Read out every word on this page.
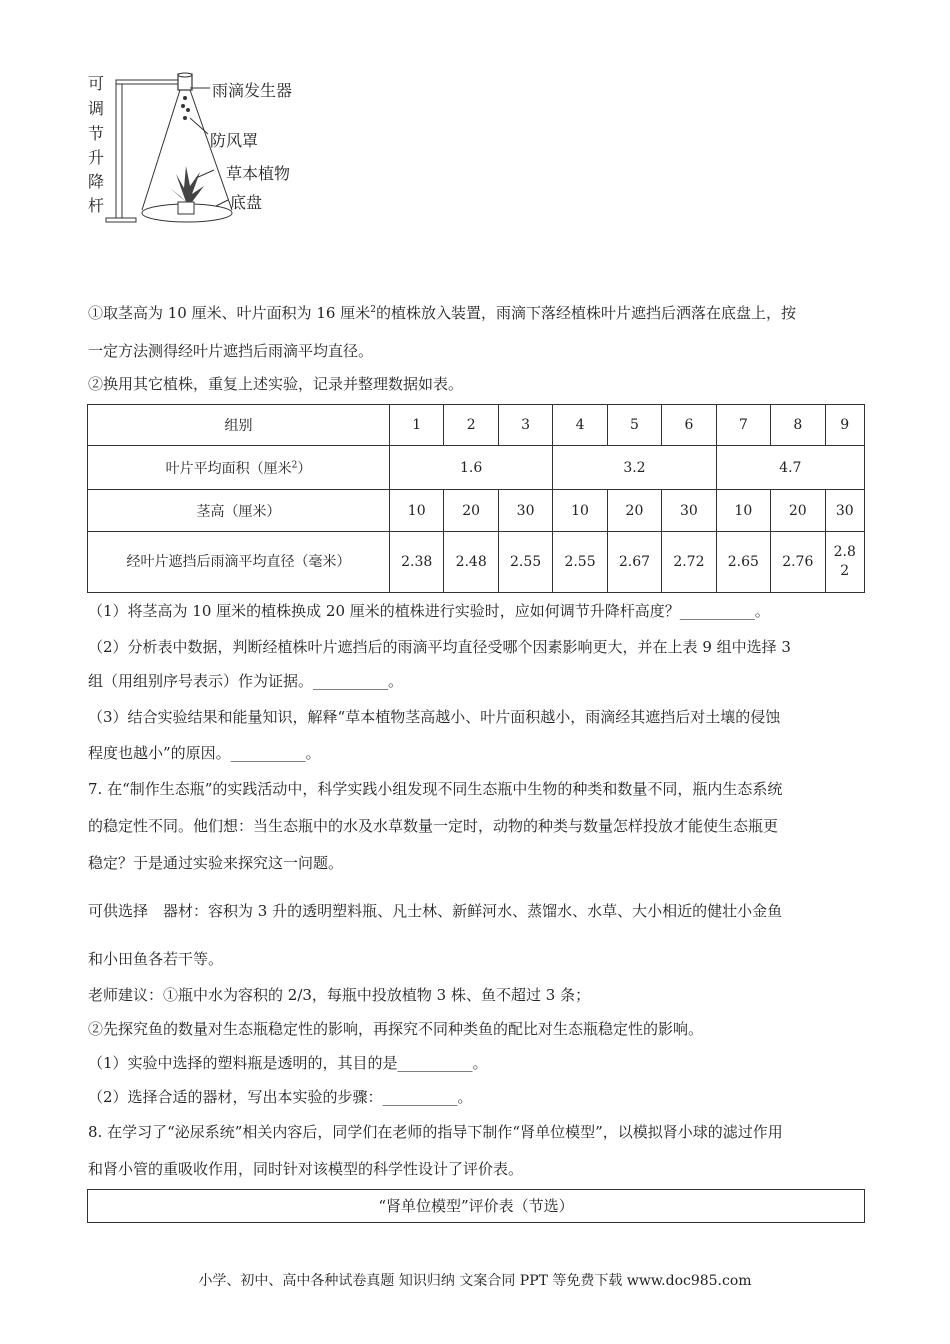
可
调
节
升
降
杆
雨滴发生器
防风罩
草本植物
底盘
①取茎高为 10 厘米、叶片面积为 16 厘米$^2$的植株放入装置，雨滴下落经植株叶片遮挡后洒落在底盘上，按
一定方法测得经叶片遮挡后雨滴平均直径。
②换用其它植株，重复上述实验，记录并整理数据如表。
组别	1	2	3	4	5	6	7	8	9
叶片平均面积（厘米$^2$）	1.6			3.2			4.7		
茎高（厘米）	10	20	30	10	20	30	10	20	30
经叶片遮挡后雨滴平均直径（毫米）	2.38	2.48	2.55	2.55	2.67	2.72	2.65	2.76	2.8
2
（1）将茎高为 10 厘米的植株换成 20 厘米的植株进行实验时，应如何调节升降杆高度？__________。
（2）分析表中数据，判断经植株叶片遮挡后的雨滴平均直径受哪个因素影响更大，并在上表 9 组中选择 3
组（用组别序号表示）作为证据。__________。
（3）结合实验结果和能量知识，解释“草本植物茎高越小、叶片面积越小，雨滴经其遮挡后对土壤的侵蚀
程度也越小”的原因。__________。
7. 在“制作生态瓶”的实践活动中，科学实践小组发现不同生态瓶中生物的种类和数量不同，瓶内生态系统
的稳定性不同。他们想：当生态瓶中的水及水草数量一定时，动物的种类与数量怎样投放才能使生态瓶更
稳定？于是通过实验来探究这一问题。
可供选择　器材：容积为 3 升的透明塑料瓶、凡士林、新鲜河水、蒸馏水、水草、大小相近的健壮小金鱼
和小田鱼各若干等。
老师建议：①瓶中水为容积的 2/3，每瓶中投放植物 3 株、鱼不超过 3 条；
②先探究鱼的数量对生态瓶稳定性的影响，再探究不同种类鱼的配比对生态瓶稳定性的影响。
（1）实验中选择的塑料瓶是透明的，其目的是__________。
（2）选择合适的器材，写出本实验的步骤：__________。
8. 在学习了“泌尿系统”相关内容后，同学们在老师的指导下制作“肾单位模型”，以模拟肾小球的滤过作用
和肾小管的重吸收作用，同时针对该模型的科学性设计了评价表。
“肾单位模型”评价表（节选）
小学、初中、高中各种试卷真题 知识归纳 文案合同 PPT 等免费下载 www.doc985.com
